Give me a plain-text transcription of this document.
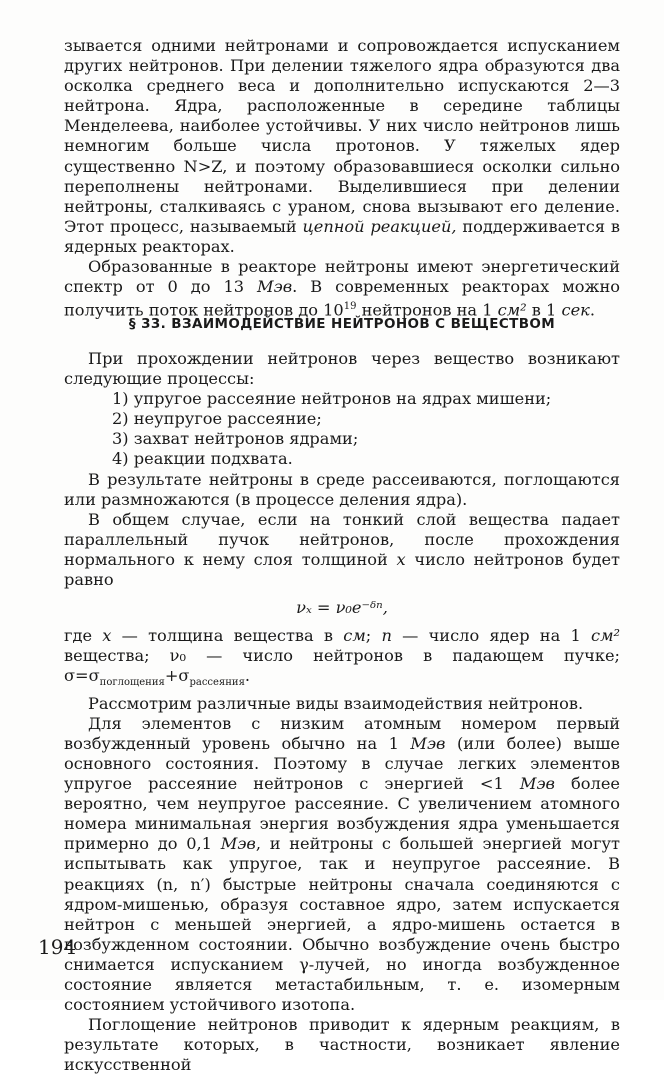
зывается одними нейтронами и сопровождается испусканием других нейтронов. При делении тяжелого ядра образуются два осколка среднего веса и дополнительно испускаются 2—3 нейтрона. Ядра, расположенные в середине таблицы Менделеева, наиболее устойчивы. У них число нейтронов лишь немногим больше числа протонов. У тяжелых ядер существенно N>Z, и поэтому образовавшиеся осколки сильно переполнены нейтронами. Выделившиеся при делении нейтроны, сталкиваясь с ураном, снова вызывают его деление. Этот процесс, называемый цепной реакцией, поддерживается в ядерных реакторах.

Образованные в реакторе нейтроны имеют энергетический спектр от 0 до 13 Мэв. В современных реакторах можно получить поток нейтронов до $10^{19}$ нейтронов на 1 см² в 1 сек.

§ 33. ВЗАИМОДЕЙСТВИЕ НЕЙТРОНОВ С ВЕЩЕСТВОМ

При прохождении нейтронов через вещество возникают следующие процессы:

1) упругое рассеяние нейтронов на ядрах мишени;
2) неупругое рассеяние;
3) захват нейтронов ядрами;
4) реакции подхвата.

В результате нейтроны в среде рассеиваются, поглощаются или размножаются (в процессе деления ядра).

В общем случае, если на тонкий слой вещества падает параллельный пучок нейтронов, после прохождения нормального к нему слоя толщиной x число нейтронов будет равно

νₓ = ν₀e⁻ᵟⁿ,

где x — толщина вещества в см; n — число ядер на 1 см² вещества; ν₀ — число нейтронов в падающем пучке; $\sigma=\sigma_{поглощения}+\sigma_{рассеяния}$.

Рассмотрим различные виды взаимодействия нейтронов.

Для элементов с низким атомным номером первый возбужденный уровень обычно на 1 Мэв (или более) выше основного состояния. Поэтому в случае легких элементов упругое рассеяние нейтронов с энергией <1 Мэв более вероятно, чем неупругое рассеяние. С увеличением атомного номера минимальная энергия возбуждения ядра уменьшается примерно до 0,1 Мэв, и нейтроны с большей энергией могут испытывать как упругое, так и неупругое рассеяние. В реакциях (n, n′) быстрые нейтроны сначала соединяются с ядром-мишенью, образуя составное ядро, затем испускается нейтрон с меньшей энергией, а ядро-мишень остается в возбужденном состоянии. Обычно возбуждение очень быстро снимается испусканием γ-лучей, но иногда возбужденное состояние является метастабильным, т. е. изомерным состоянием устойчивого изотопа.

Поглощение нейтронов приводит к ядерным реакциям, в результате которых, в частности, возникает явление искусственной

194
